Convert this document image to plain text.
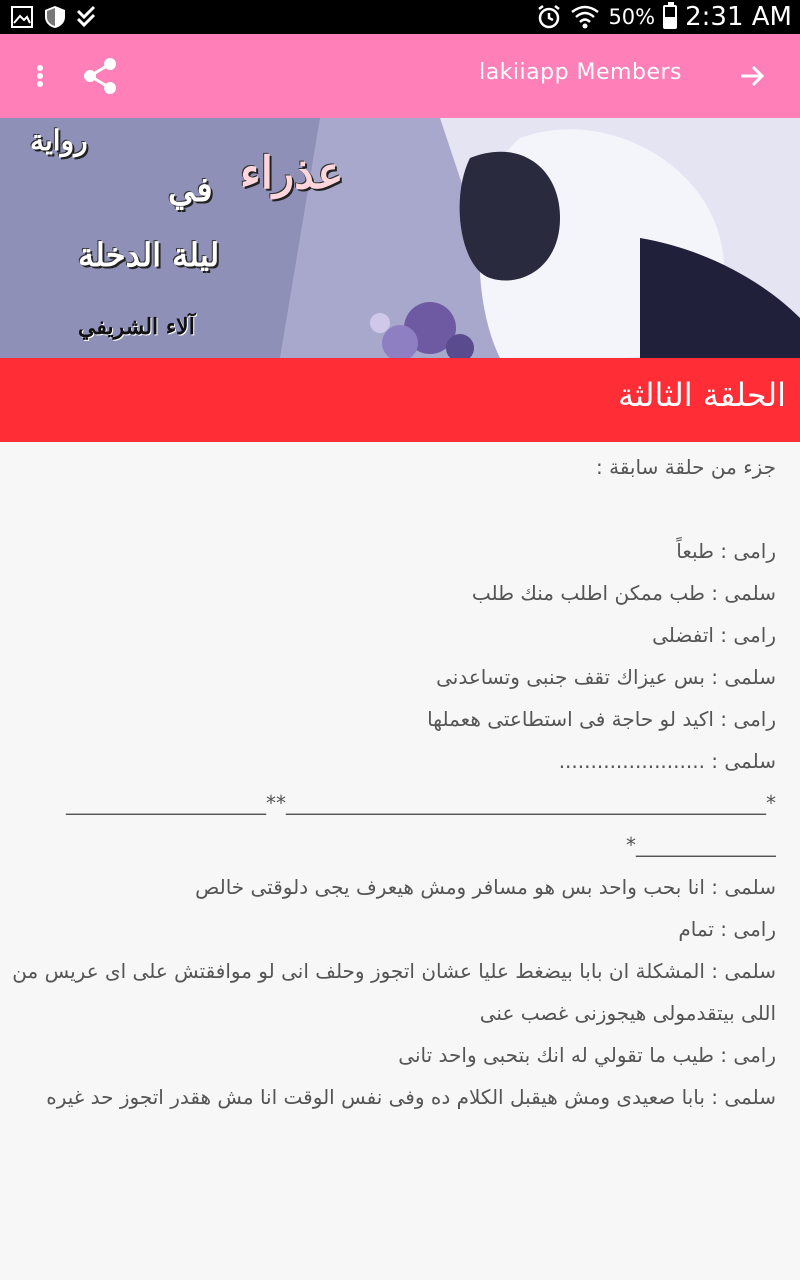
50% 2:31 AM
lakiiapp Members
رواية
عذراء
في
ليلة الدخلة
آلاء الشريفي
الحلقة الثالثة

جزء من حلقة سابقة :

رامى : طبعاً

سلمى : طب ممكن اطلب منك طلب

رامى : اتفضلى

سلمى : بس عيزاك تقف جنبى وتساعدنى

رامى : اكيد لو حاجة فى استطاعتى هعملها

سلمى : .......................

____________________**________________________________________________*

*______________

سلمى : انا بحب واحد بس هو مسافر ومش هيعرف يجى دلوقتى خالص

رامى : تمام

سلمى : المشكلة ان بابا بيضغط عليا عشان اتجوز وحلف انى لو موافقتش على اى عريس من اللى بيتقدمولى هيجوزنى غصب عنى

رامى : طيب ما تقولي له انك بتحبى واحد تانى

سلمى : بابا صعيدى ومش هيقبل الكلام ده وفى نفس الوقت انا مش هقدر اتجوز حد غيره
